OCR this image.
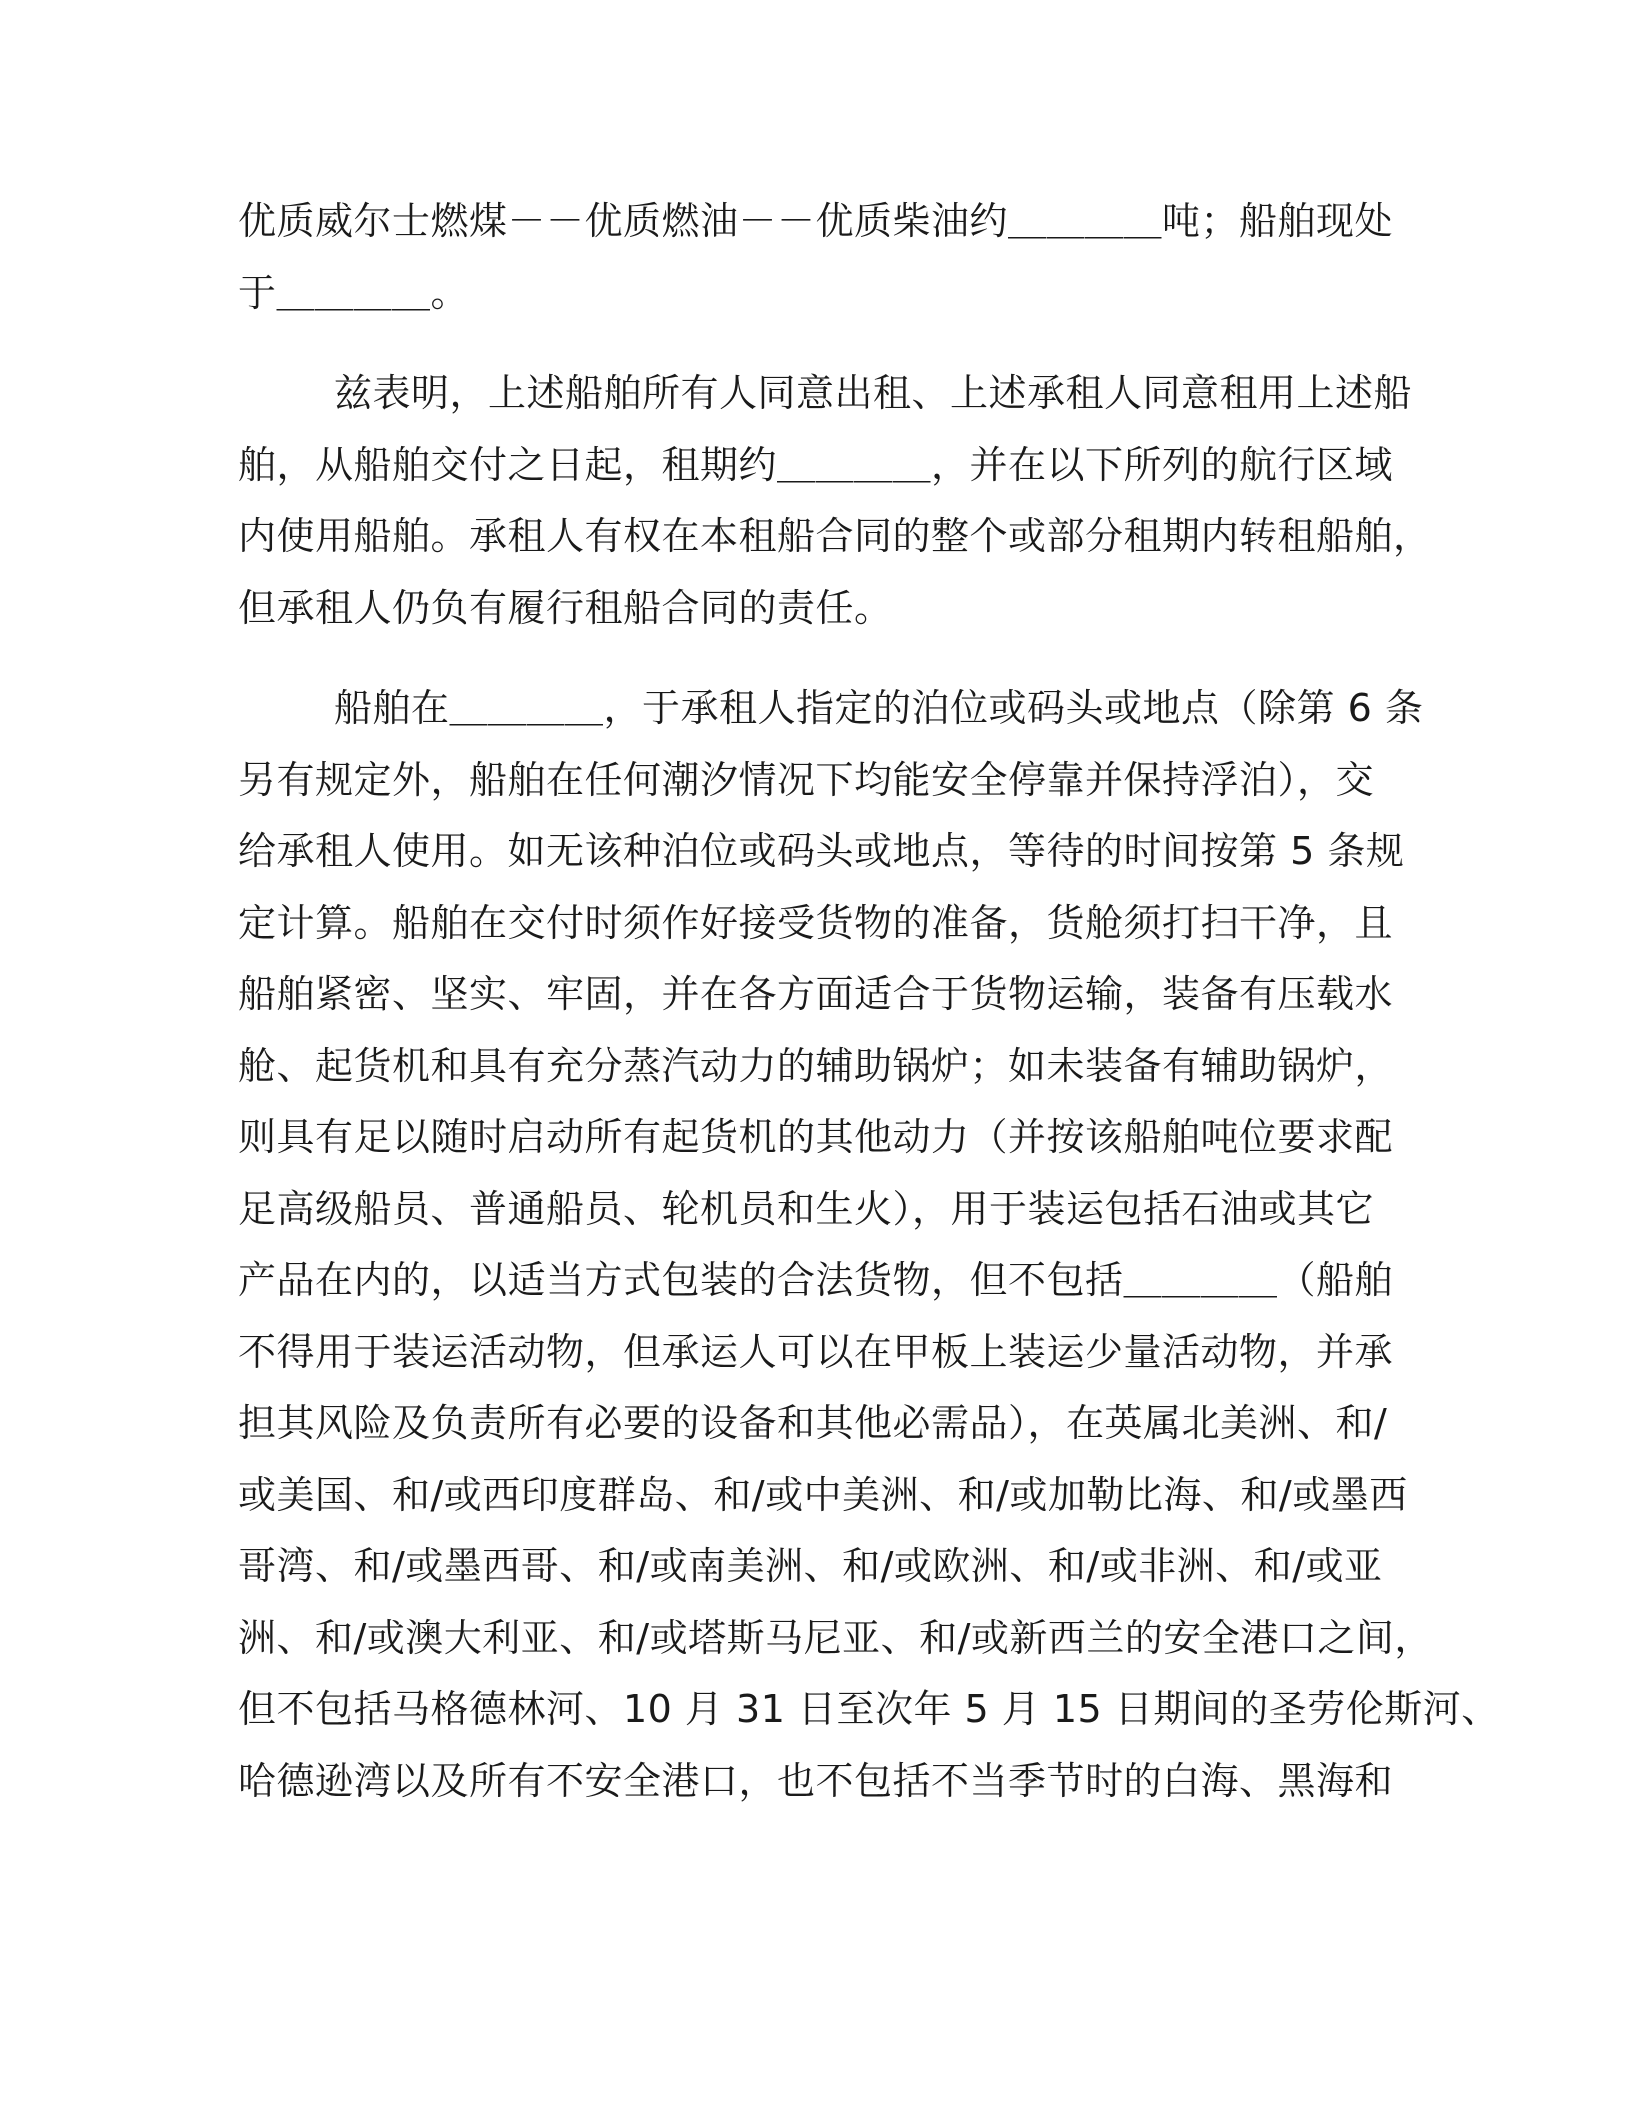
优质威尔士燃煤－－优质燃油－－优质柴油约＿＿＿＿吨；船舶现处
于＿＿＿＿。
兹表明，上述船舶所有人同意出租、上述承租人同意租用上述船
舶，从船舶交付之日起，租期约＿＿＿＿，并在以下所列的航行区域
内使用船舶。承租人有权在本租船合同的整个或部分租期内转租船舶，
但承租人仍负有履行租船合同的责任。
船舶在＿＿＿＿，于承租人指定的泊位或码头或地点（除第 6 条
另有规定外，船舶在任何潮汐情况下均能安全停靠并保持浮泊），交
给承租人使用。如无该种泊位或码头或地点，等待的时间按第 5 条规
定计算。船舶在交付时须作好接受货物的准备，货舱须打扫干净，且
船舶紧密、坚实、牢固，并在各方面适合于货物运输，装备有压载水
舱、起货机和具有充分蒸汽动力的辅助锅炉；如未装备有辅助锅炉，
则具有足以随时启动所有起货机的其他动力（并按该船舶吨位要求配
足高级船员、普通船员、轮机员和生火），用于装运包括石油或其它
产品在内的，以适当方式包装的合法货物，但不包括＿＿＿＿（船舶
不得用于装运活动物，但承运人可以在甲板上装运少量活动物，并承
担其风险及负责所有必要的设备和其他必需品），在英属北美洲、和/
或美国、和/或西印度群岛、和/或中美洲、和/或加勒比海、和/或墨西
哥湾、和/或墨西哥、和/或南美洲、和/或欧洲、和/或非洲、和/或亚
洲、和/或澳大利亚、和/或塔斯马尼亚、和/或新西兰的安全港口之间，
但不包括马格德林河、10 月 31 日至次年 5 月 15 日期间的圣劳伦斯河、
哈德逊湾以及所有不安全港口，也不包括不当季节时的白海、黑海和
